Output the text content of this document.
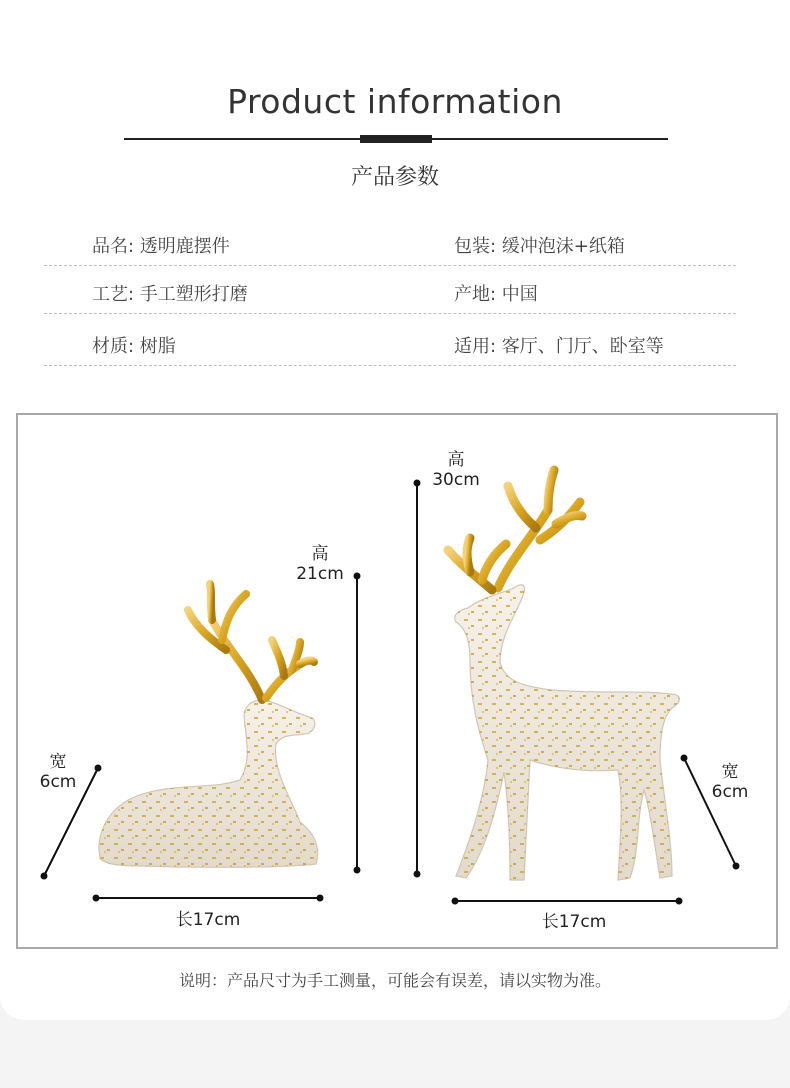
Product information
产品参数
品名: 透明鹿摆件	包装: 缓冲泡沫+纸箱
工艺: 手工塑形打磨	产地: 中国
材质: 树脂	适用: 客厅、门厅、卧室等
宽
6cm
高
21cm
长17cm
高
30cm
宽
6cm
长17cm
说明：产品尺寸为手工测量，可能会有误差，请以实物为准。
